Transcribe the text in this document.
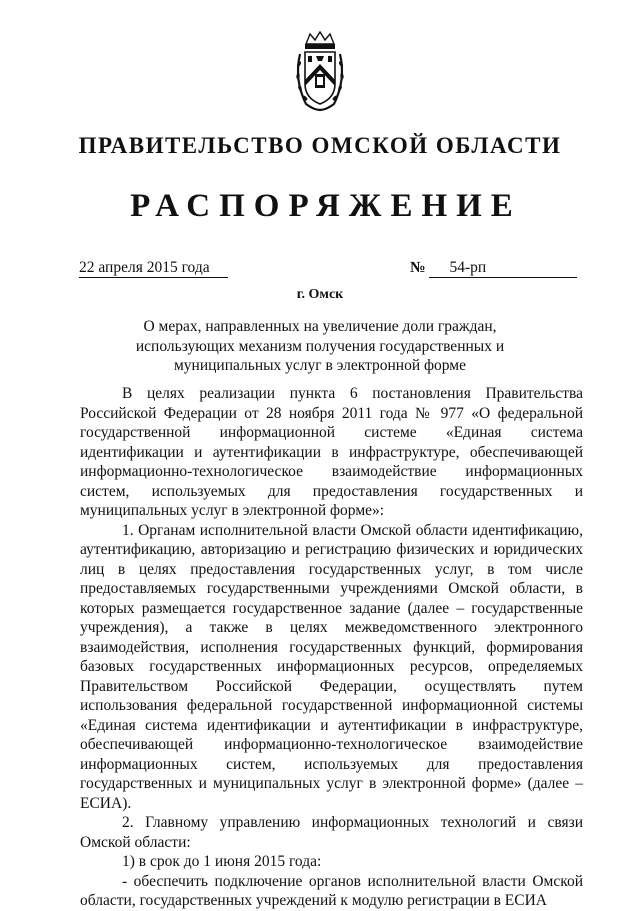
ПРАВИТЕЛЬСТВО ОМСКОЙ ОБЛАСТИ
РАСПОРЯЖЕНИЕ
22 апреля 2015 года	№ 54-рп
г. Омск
О мерах, направленных на увеличение доли граждан, использующих механизм получения государственных и муниципальных услуг в электронной форме

В целях реализации пункта 6 постановления Правительства Российской Федерации от 28 ноября 2011 года № 977 «О федеральной государственной информационной системе «Единая система идентификации и аутентификации в инфраструктуре, обеспечивающей информационно-технологическое взаимодействие информационных систем, используемых для предоставления государственных и муниципальных услуг в электронной форме»:

1. Органам исполнительной власти Омской области идентификацию, аутентификацию, авторизацию и регистрацию физических и юридических лиц в целях предоставления государственных услуг, в том числе предоставляемых государственными учреждениями Омской области, в которых размещается государственное задание (далее – государственные учреждения), а также в целях межведомственного электронного взаимодействия, исполнения государственных функций, формирования базовых государственных информационных ресурсов, определяемых Правительством Российской Федерации, осуществлять путем использования федеральной государственной информационной системы «Единая система идентификации и аутентификации в инфраструктуре, обеспечивающей информационно-технологическое взаимодействие информационных систем, используемых для предоставления государственных и муниципальных услуг в электронной форме» (далее – ЕСИА).

2. Главному управлению информационных технологий и связи Омской области:

1) в срок до 1 июня 2015 года:

- обеспечить подключение органов исполнительной власти Омской области, государственных учреждений к модулю регистрации в ЕСИА
